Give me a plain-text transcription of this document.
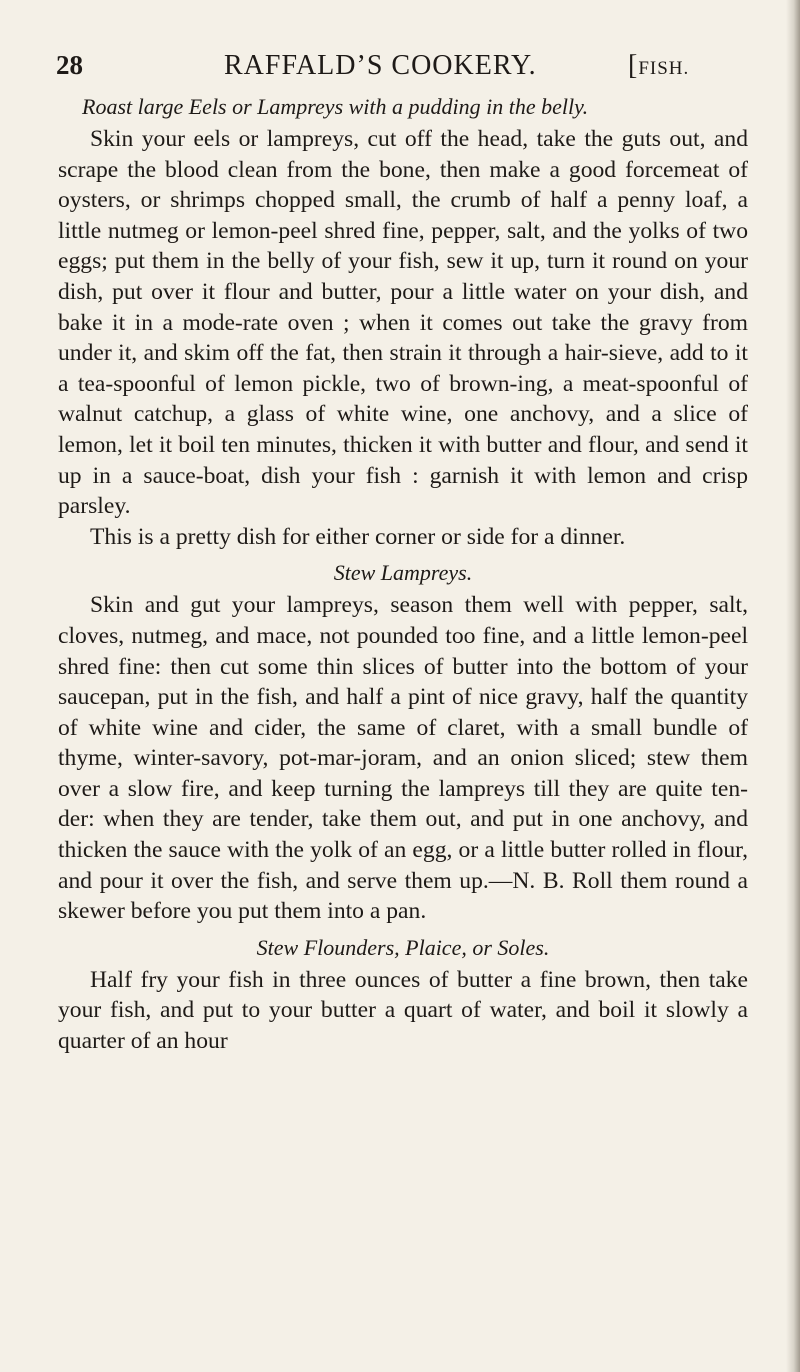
28	RAFFALD’S COOKERY.	[FISH.
Roast large Eels or Lampreys with a pudding in the belly.

Skin your eels or lampreys, cut off the head, take the guts out, and scrape the blood clean from the bone, then make a good forcemeat of oysters, or shrimps chopped small, the crumb of half a penny loaf, a little nutmeg or lemon-peel shred fine, pepper, salt, and the yolks of two eggs; put them in the belly of your fish, sew it up, turn it round on your dish, put over it flour and butter, pour a little water on your dish, and bake it in a mode-rate oven ; when it comes out take the gravy from under it, and skim off the fat, then strain it through a hair-sieve, add to it a tea-spoonful of lemon pickle, two of brown-ing, a meat-spoonful of walnut catchup, a glass of white wine, one anchovy, and a slice of lemon, let it boil ten minutes, thicken it with butter and flour, and send it up in a sauce-boat, dish your fish : garnish it with lemon and crisp parsley.

This is a pretty dish for either corner or side for a dinner.

Stew Lampreys.

Skin and gut your lampreys, season them well with pepper, salt, cloves, nutmeg, and mace, not pounded too fine, and a little lemon-peel shred fine: then cut some thin slices of butter into the bottom of your saucepan, put in the fish, and half a pint of nice gravy, half the quantity of white wine and cider, the same of claret, with a small bundle of thyme, winter-savory, pot-mar-joram, and an onion sliced; stew them over a slow fire, and keep turning the lampreys till they are quite ten-der: when they are tender, take them out, and put in one anchovy, and thicken the sauce with the yolk of an egg, or a little butter rolled in flour, and pour it over the fish, and serve them up.—N. B. Roll them round a skewer before you put them into a pan.

Stew Flounders, Plaice, or Soles.

Half fry your fish in three ounces of butter a fine brown, then take your fish, and put to your butter a quart of water, and boil it slowly a quarter of an hour
